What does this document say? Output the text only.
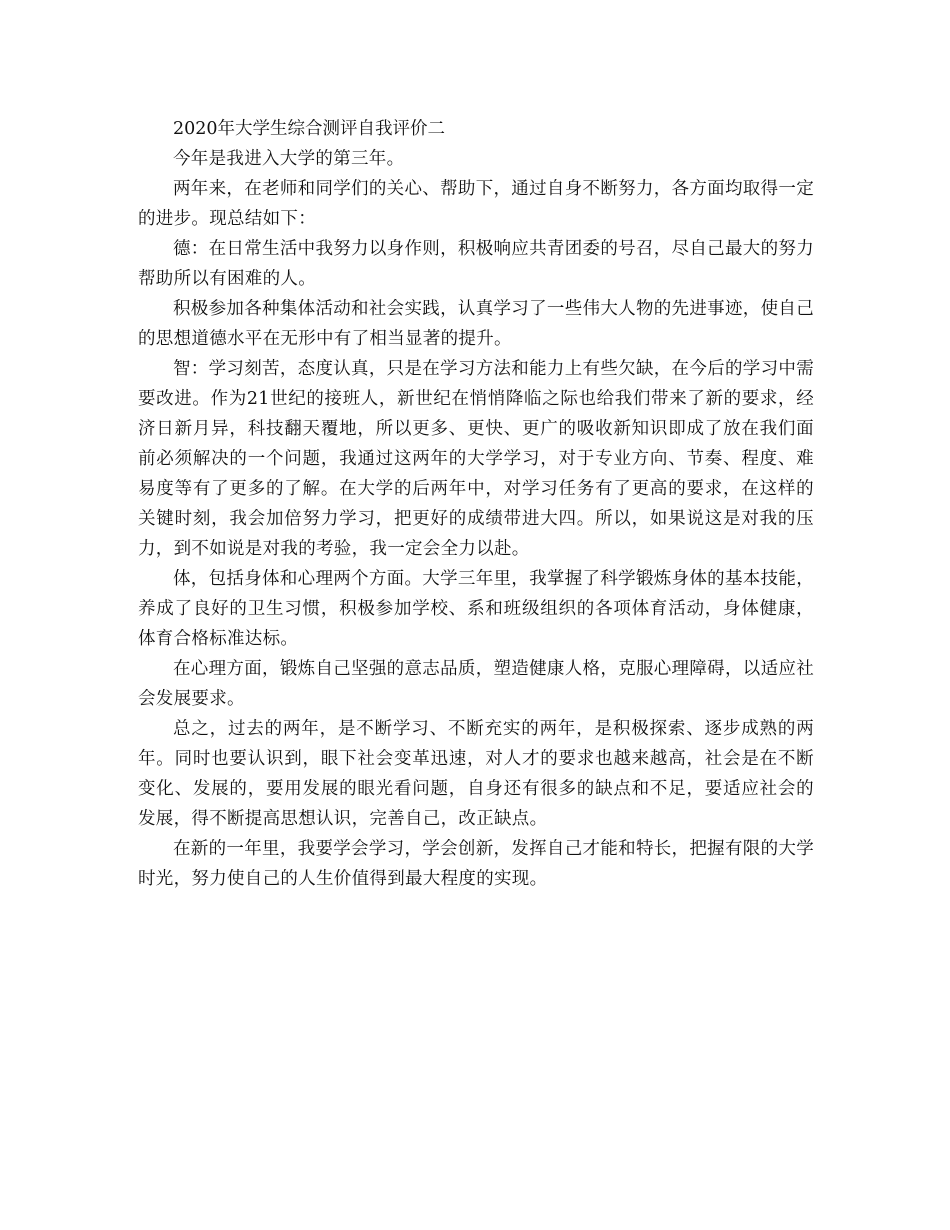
2020年大学生综合测评自我评价二

今年是我进入大学的第三年。

两年来，在老师和同学们的关心、帮助下，通过自身不断努力，各方面均取得一定的进步。现总结如下：

德：在日常生活中我努力以身作则，积极响应共青团委的号召，尽自己最大的努力帮助所以有困难的人。

积极参加各种集体活动和社会实践，认真学习了一些伟大人物的先进事迹，使自己的思想道德水平在无形中有了相当显著的提升。

智：学习刻苦，态度认真，只是在学习方法和能力上有些欠缺，在今后的学习中需要改进。作为21世纪的接班人，新世纪在悄悄降临之际也给我们带来了新的要求，经济日新月异，科技翻天覆地，所以更多、更快、更广的吸收新知识即成了放在我们面前必须解决的一个问题，我通过这两年的大学学习，对于专业方向、节奏、程度、难易度等有了更多的了解。在大学的后两年中，对学习任务有了更高的要求，在这样的关键时刻，我会加倍努力学习，把更好的成绩带进大四。所以，如果说这是对我的压力，到不如说是对我的考验，我一定会全力以赴。

体，包括身体和心理两个方面。大学三年里，我掌握了科学锻炼身体的基本技能，养成了良好的卫生习惯，积极参加学校、系和班级组织的各项体育活动，身体健康，体育合格标准达标。

在心理方面，锻炼自己坚强的意志品质，塑造健康人格，克服心理障碍，以适应社会发展要求。

总之，过去的两年，是不断学习、不断充实的两年，是积极探索、逐步成熟的两年。同时也要认识到，眼下社会变革迅速，对人才的要求也越来越高，社会是在不断变化、发展的，要用发展的眼光看问题，自身还有很多的缺点和不足，要适应社会的发展，得不断提高思想认识，完善自己，改正缺点。

在新的一年里，我要学会学习，学会创新，发挥自己才能和特长，把握有限的大学时光，努力使自己的人生价值得到最大程度的实现。
